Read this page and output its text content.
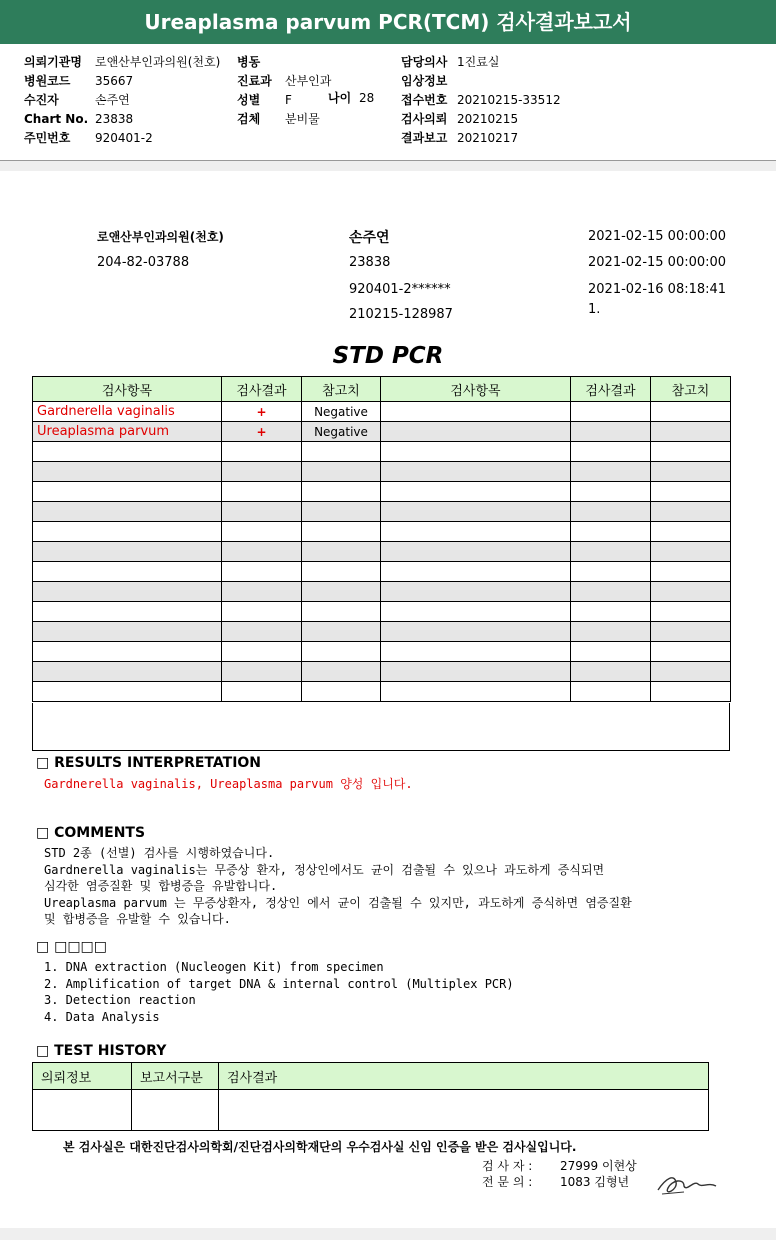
Ureaplasma parvum PCR(TCM) 검사결과보고서
의뢰기관명 로앤산부인과의원(천호)
병원코드 35667
수진자	손주연
Chart No. 23838
주민번호 920401-2
병동
진료과 산부인과
성별 F
검체 분비물
나이 28
담당의사 1진료실
임상정보
접수번호 20210215-33512
검사의뢰 20210215
결과보고 20210217
로앤산부인과의원(천호)
204-82-03788
손주연
23838
920401-2******
210215-128987
2021-02-15 00:00:00
2021-02-15 00:00:00
2021-02-16 08:18:41
1.
STD PCR
검사항목	검사결과	참고치	검사항목	검사결과	참고치
Gardnerella vaginalis	+	Negative			
Ureaplasma parvum	+	Negative			

□ RESULTS INTERPRETATION
Gardnerella vaginalis, Ureaplasma parvum 양성 입니다.
□ COMMENTS
STD 2종 (선별) 검사를 시행하였습니다.
Gardnerella vaginalis는 무증상 환자, 정상인에서도 균이 검출될 수 있으나 과도하게 증식되면
심각한 염증질환 및 합병증을 유발합니다.
Ureaplasma parvum 는 무증상환자, 정상인 에서 균이 검출될 수 있지만, 과도하게 증식하면 염증질환
및 합병증을 유발할 수 있습니다.
□ □□□□
1. DNA extraction (Nucleogen Kit) from specimen
2. Amplification of target DNA & internal control (Multiplex PCR)
3. Detection reaction
4. Data Analysis
□ TEST HISTORY
의뢰정보	보고서구분	검사결과

본 검사실은 대한진단검사의학회/진단검사의학재단의 우수검사실 신임 인증을 받은 검사실입니다.
검 사 자 : 27999 이현상
전 문 의 : 1083 김형년
